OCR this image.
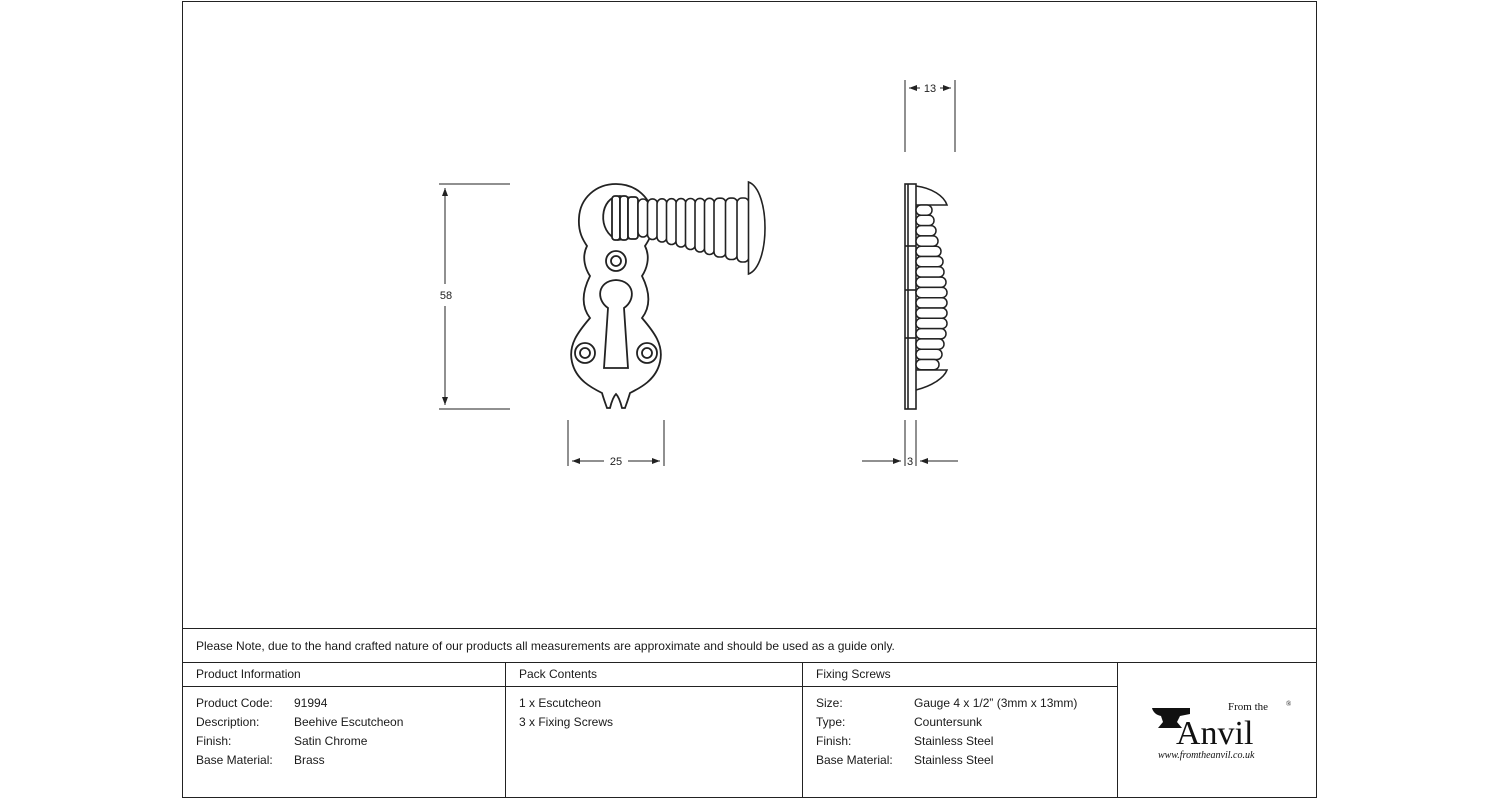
58
25
13
3
Please Note, due to the hand crafted nature of our products all measurements are approximate and should be used as a guide only.
Product Information	Pack Contents	Fixing Screws
Product Code: 91994
Description:	Beehive Escutcheon
Finish:	Satin Chrome
Base Material: Brass
1 x Escutcheon
3 x Fixing Screws
Size:	Gauge 4 x 1/2” (3mm x 13mm)
Type:	Countersunk
Finish:	Stainless Steel
Base Material: Stainless Steel
From the	®
Anvil
www.fromtheanvil.co.uk
